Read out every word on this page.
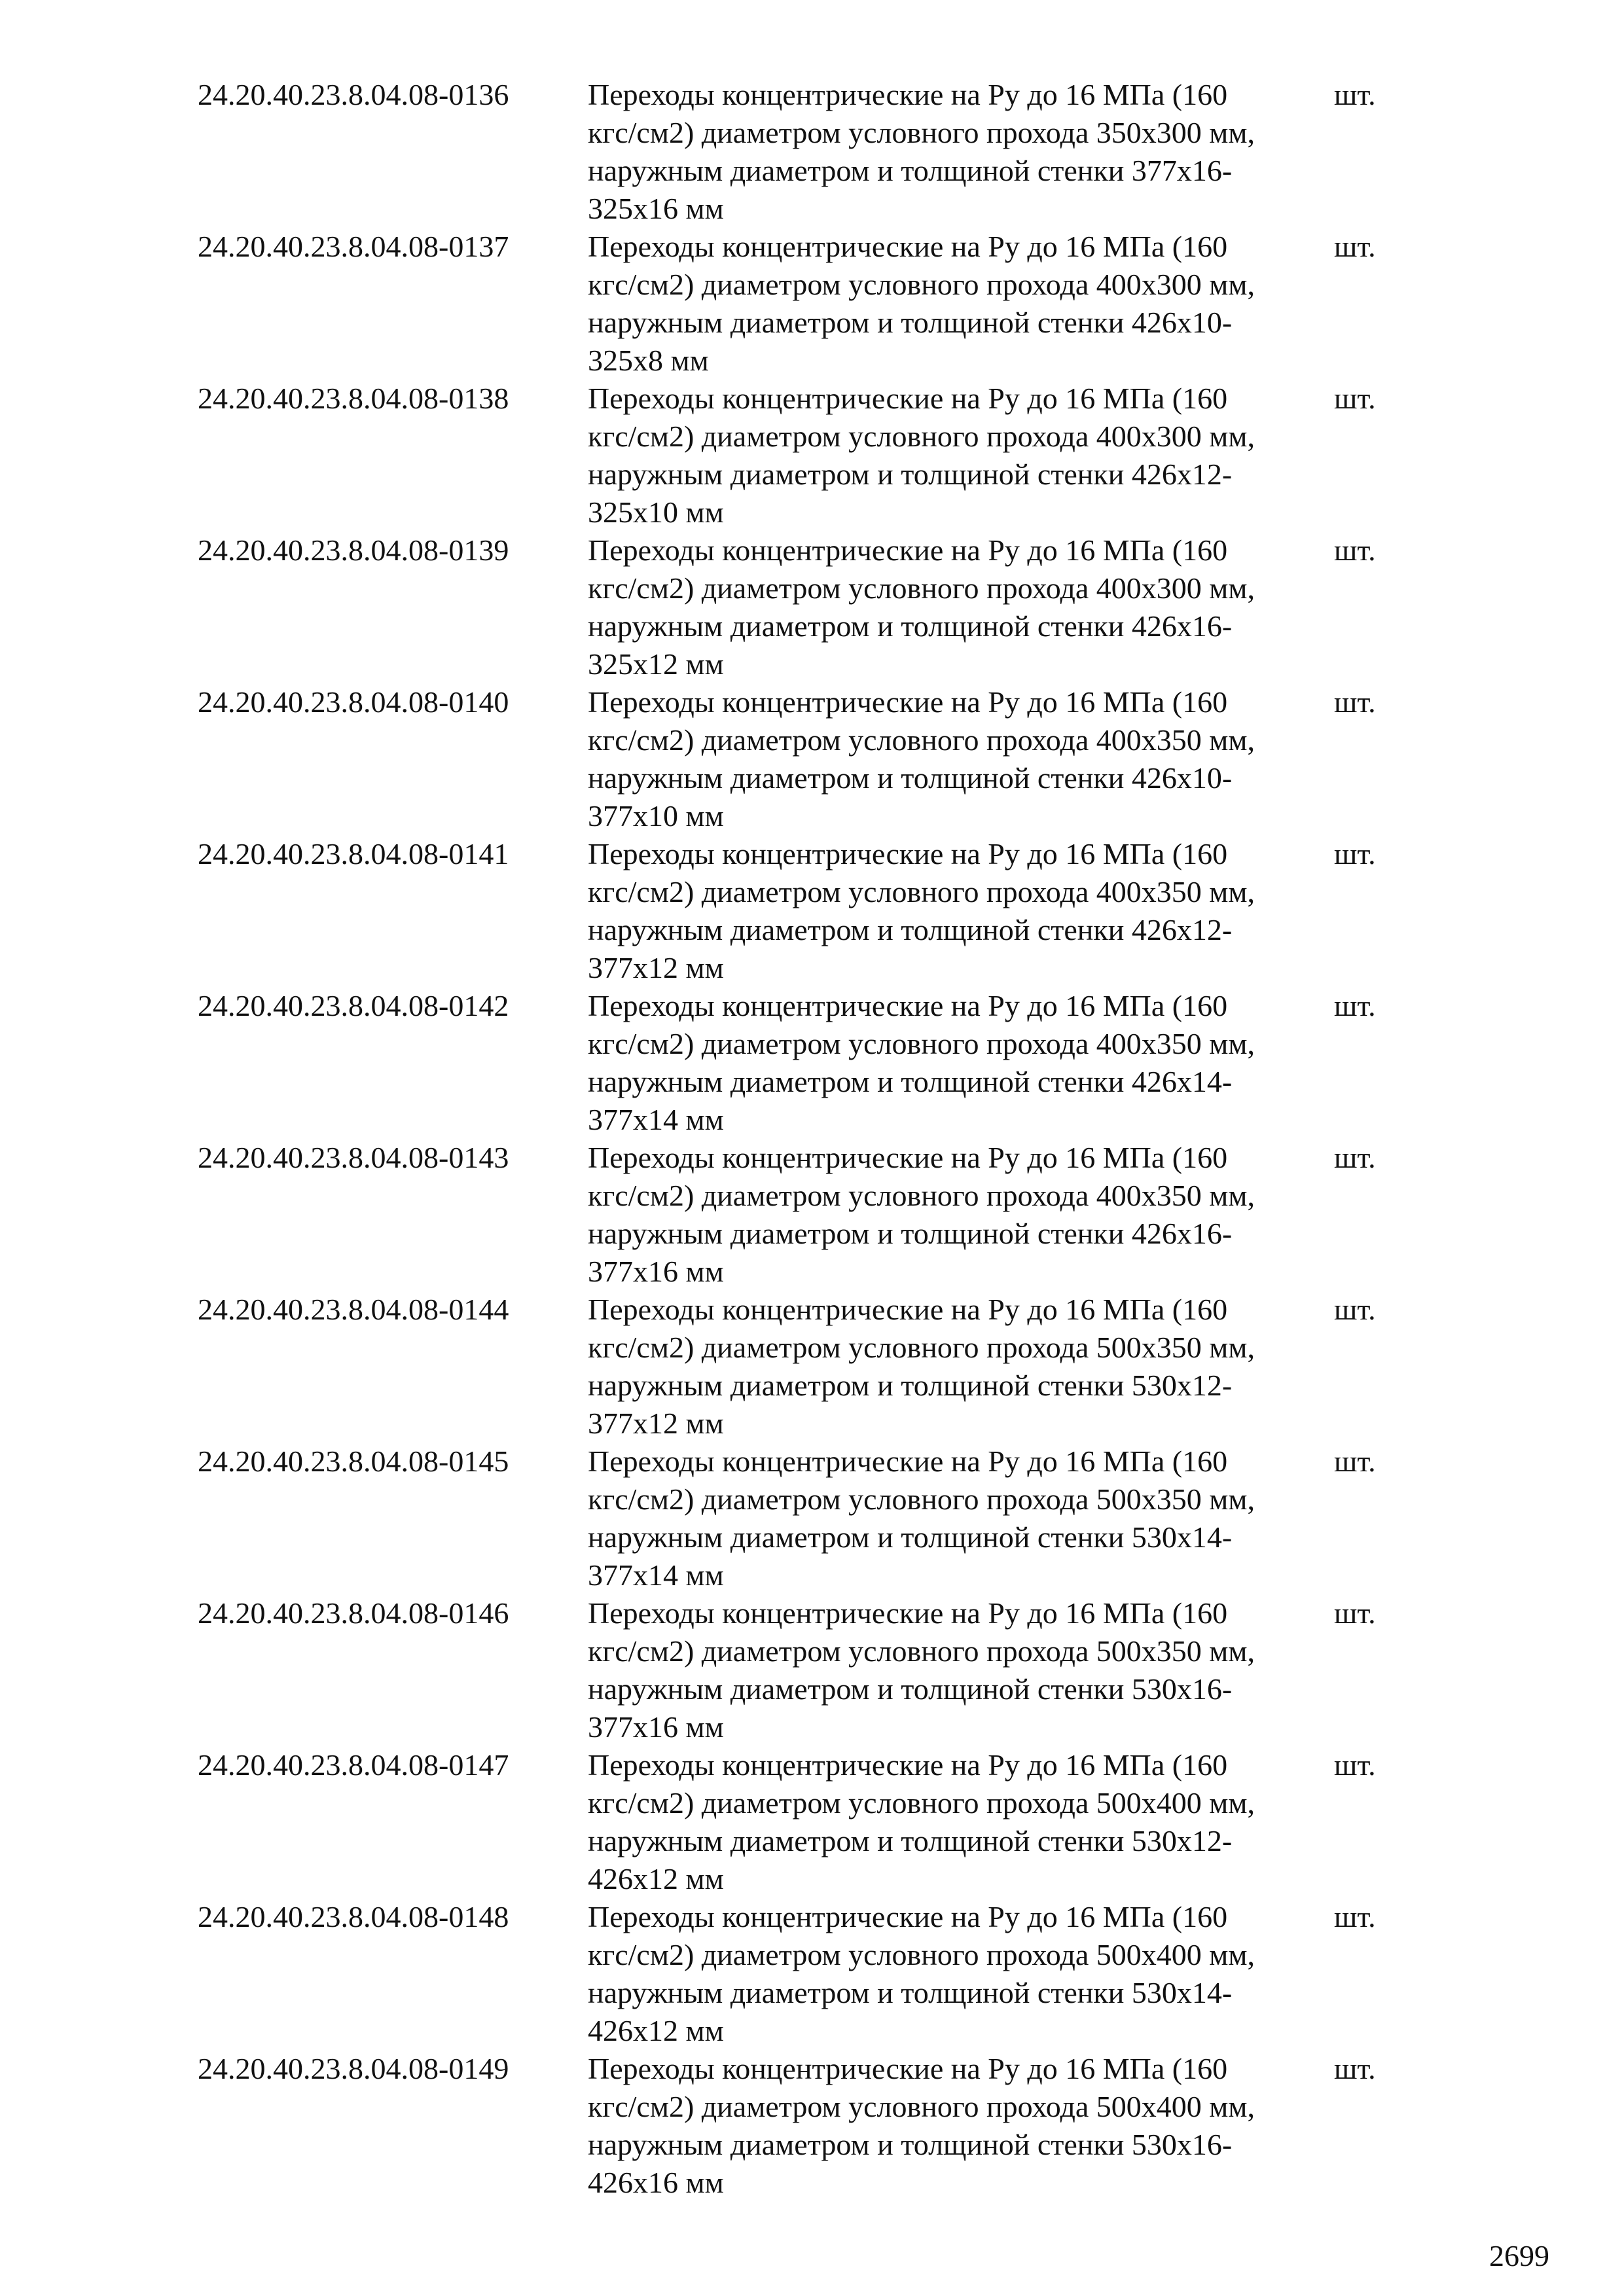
24.20.40.23.8.04.08-0136	Переходы концентрические на Ру до 16 МПа (160
кгс/см2) диаметром условного прохода 350х300 мм,
наружным диаметром и толщиной стенки 377х16-
325х16 мм
шт.
24.20.40.23.8.04.08-0137	Переходы концентрические на Ру до 16 МПа (160
кгс/см2) диаметром условного прохода 400х300 мм,
наружным диаметром и толщиной стенки 426х10-
325х8 мм
шт.
24.20.40.23.8.04.08-0138	Переходы концентрические на Ру до 16 МПа (160
кгс/см2) диаметром условного прохода 400х300 мм,
наружным диаметром и толщиной стенки 426х12-
325х10 мм
шт.
24.20.40.23.8.04.08-0139	Переходы концентрические на Ру до 16 МПа (160
кгс/см2) диаметром условного прохода 400х300 мм,
наружным диаметром и толщиной стенки 426х16-
325х12 мм
шт.
24.20.40.23.8.04.08-0140	Переходы концентрические на Ру до 16 МПа (160
кгс/см2) диаметром условного прохода 400х350 мм,
наружным диаметром и толщиной стенки 426х10-
377х10 мм
шт.
24.20.40.23.8.04.08-0141	Переходы концентрические на Ру до 16 МПа (160
кгс/см2) диаметром условного прохода 400х350 мм,
наружным диаметром и толщиной стенки 426х12-
377х12 мм
шт.
24.20.40.23.8.04.08-0142	Переходы концентрические на Ру до 16 МПа (160
кгс/см2) диаметром условного прохода 400х350 мм,
наружным диаметром и толщиной стенки 426х14-
377х14 мм
шт.
24.20.40.23.8.04.08-0143	Переходы концентрические на Ру до 16 МПа (160
кгс/см2) диаметром условного прохода 400х350 мм,
наружным диаметром и толщиной стенки 426х16-
377х16 мм
шт.
24.20.40.23.8.04.08-0144	Переходы концентрические на Ру до 16 МПа (160
кгс/см2) диаметром условного прохода 500х350 мм,
наружным диаметром и толщиной стенки 530х12-
377х12 мм
шт.
24.20.40.23.8.04.08-0145	Переходы концентрические на Ру до 16 МПа (160
кгс/см2) диаметром условного прохода 500х350 мм,
наружным диаметром и толщиной стенки 530х14-
377х14 мм
шт.
24.20.40.23.8.04.08-0146	Переходы концентрические на Ру до 16 МПа (160
кгс/см2) диаметром условного прохода 500х350 мм,
наружным диаметром и толщиной стенки 530х16-
377х16 мм
шт.
24.20.40.23.8.04.08-0147	Переходы концентрические на Ру до 16 МПа (160
кгс/см2) диаметром условного прохода 500х400 мм,
наружным диаметром и толщиной стенки 530х12-
426х12 мм
шт.
24.20.40.23.8.04.08-0148	Переходы концентрические на Ру до 16 МПа (160
кгс/см2) диаметром условного прохода 500х400 мм,
наружным диаметром и толщиной стенки 530х14-
426х12 мм
шт.
24.20.40.23.8.04.08-0149	Переходы концентрические на Ру до 16 МПа (160
кгс/см2) диаметром условного прохода 500х400 мм,
наружным диаметром и толщиной стенки 530х16-
426х16 мм
шт.
2699
